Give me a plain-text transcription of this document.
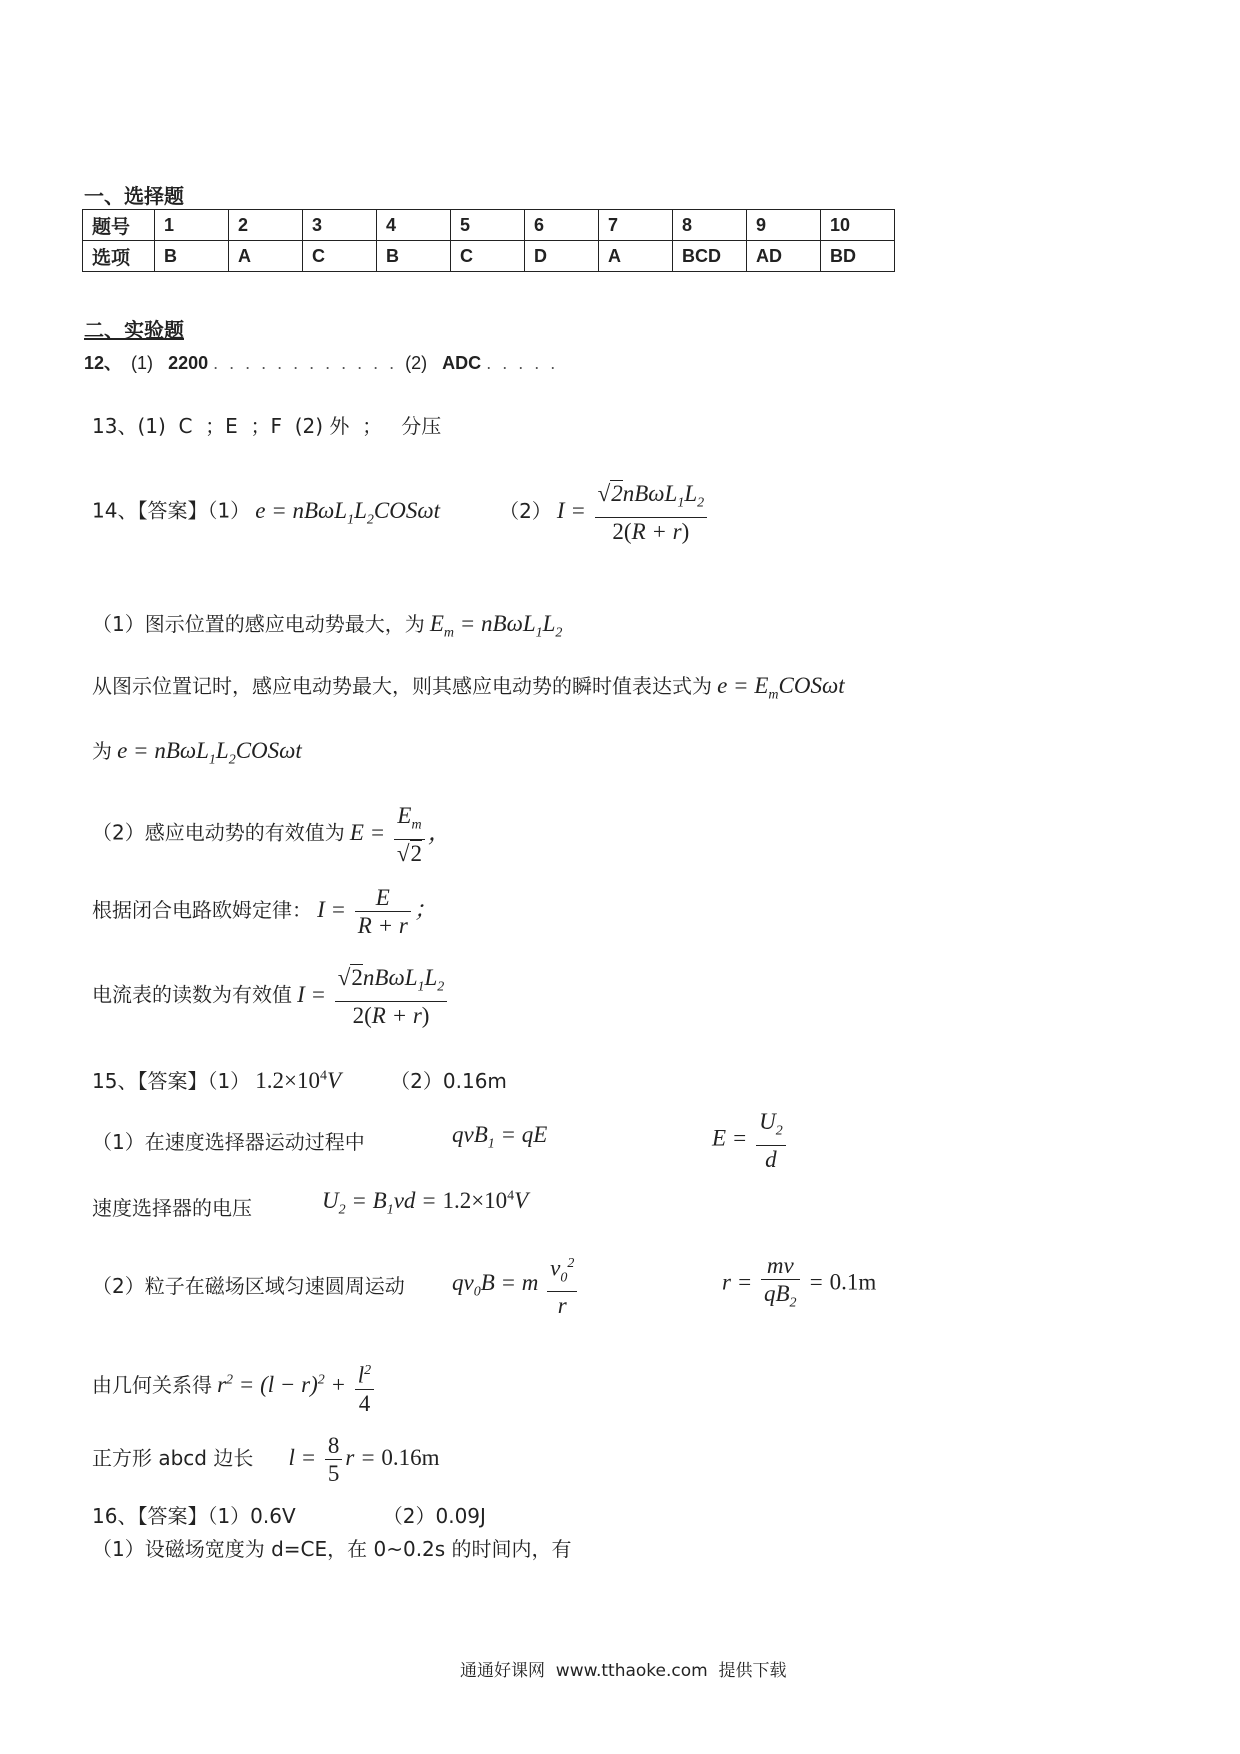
一、选择题
题号	1	2	3	4	5	6	7	8	9	10
选项	B	A	C	B	C	D	A	BCD	AD	BD
二、实验题
12、 (1) 2200 . . . . . . . . . . . . (2) ADC . . . . .
13、(1)  C  ；E  ；F  (2) 外  ；   分压
14、【答案】（1） $e = nB\omega L_1L_2COS\omega t$	（2） $I = \frac{√2nB\omega L_1L_2}{2(R + r)}$
（1）图示位置的感应电动势最大，为 $E_m = nB\omega L_1L_2$
从图示位置记时，感应电动势最大，则其感应电动势的瞬时值表达式为 $e = E_mCOS\omega t$
为 $e = nB\omega L_1L_2COS\omega t$
（2）感应电动势的有效值为 $E = \frac{E_m}{√2}$ ，
根据闭合电路欧姆定律： $I = \frac{E}{R + r}$ ；
电流表的读数为有效值 $I = \frac{√2nB\omega L_1L_2}{2(R + r)}$
15、【答案】（1） $1.2\times 10^4V$ （2）0.16m
（1）在速度选择器运动过程中	qvB$_1$ = qE	$E = \frac{U_2}{d}$
速度选择器的电压	$U_2 = B_1vd = 1.2\times 10^4V$
（2）粒子在磁场区域匀速圆周运动 $qv_0B = m \frac{v_0^2}{r}$	$r = \frac{mv}{qB_2} = 0.1m$
由几何关系得 $r^2 = (l - r)^2 + \frac{l^2}{4}$
正方形 abcd 边长 $l = \frac{8}{5}$ r = 0.16m
16、【答案】（1）0.6V	（2）0.09J
（1）设磁场宽度为 d=CE，在 0~0.2s 的时间内，有
通通好课网  www.tthaoke.com  提供下载
